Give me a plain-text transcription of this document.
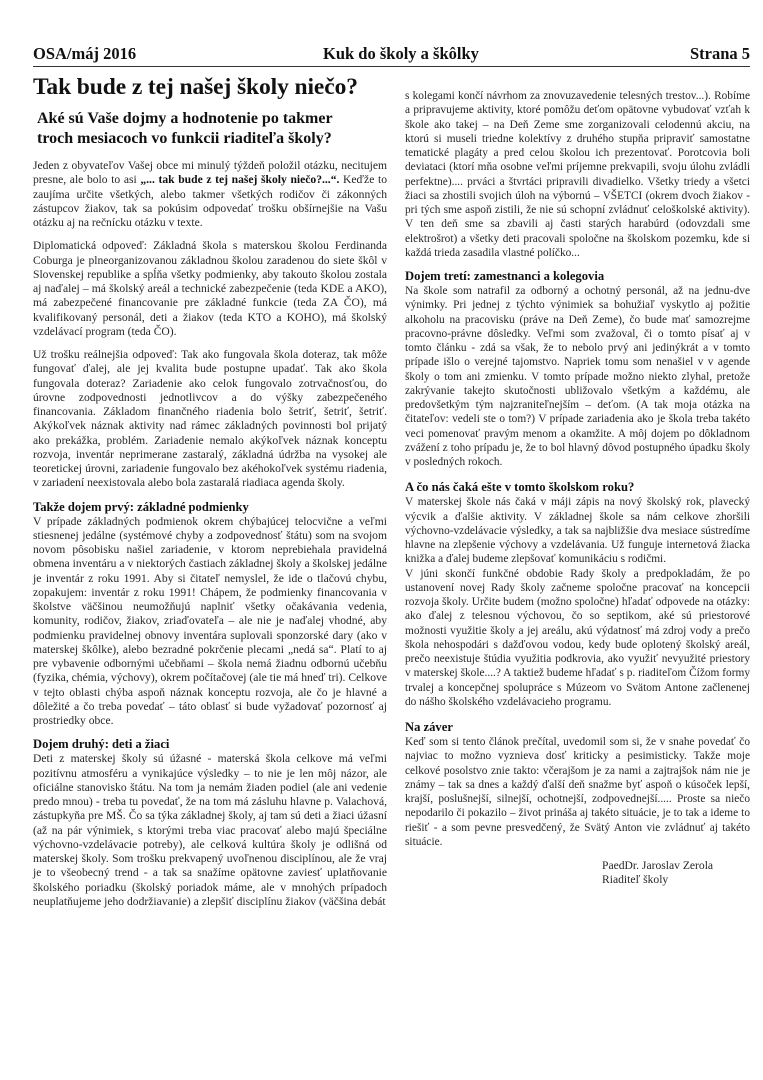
OSA/máj 2016	Kuk do školy a škôlky	Strana 5
Tak bude z tej našej školy niečo?
Aké sú Vaše dojmy a hodnotenie po takmer
troch mesiacoch vo funkcii riaditeľa školy?

Jeden z obyvateľov Vašej obce mi minulý týždeň položil otázku, necitujem presne, ale bolo to asi „... tak bude z tej našej školy niečo?...“. Keďže to zaujíma určite všetkých, alebo takmer všetkých rodičov či zákonných zástupcov žiakov, tak sa pokúsim odpovedať trošku obšírnejšie na Vašu otázku aj na rečnícku otázku v texte.

Diplomatická odpoveď: Základná škola s materskou školou Ferdinanda Coburga je plneorganizovanou základnou školou zaradenou do siete škôl v Slovenskej republike a spĺňa všetky podmienky, aby takouto školou zostala aj naďalej – má školský areál a technické zabezpečenie (teda KDE a AKO), má zabezpečené financovanie pre základné funkcie (teda ZA ČO), má kvalifikovaný personál, deti a žiakov (teda KTO a KOHO), má školský vzdelávací program (teda ČO).

Už trošku reálnejšia odpoveď: Tak ako fungovala škola doteraz, tak môže fungovať ďalej, ale jej kvalita bude postupne upadať. Tak ako škola fungovala doteraz? Zariadenie ako celok fungovalo zotrvačnosťou, do úrovne zodpovednosti jednotlivcov a do výšky zabezpečeného financovania. Základom finančného riadenia bolo šetriť, šetriť, šetriť. Akýkoľvek náznak aktivity nad rámec základných povinnosti bol prijatý ako prekážka, problém. Zariadenie nemalo akýkoľvek náznak konceptu rozvoja, inventár neprimerane zastaralý, základná údržba na vysokej ale teoretickej úrovni, zariadenie fungovalo bez akéhokoľvek systému riadenia, v zariadení neexistovala alebo bola zastaralá riadiaca agenda školy.

Takže dojem prvý: základné podmienky

V prípade základných podmienok okrem chýbajúcej telocvične a veľmi stiesnenej jedálne (systémové chyby a zodpovednosť štátu) som na svojom novom pôsobisku našiel zariadenie, v ktorom neprebiehala pravidelná obmena inventáru a v niektorých častiach základnej školy a školskej jedálne je inventár z roku 1991. Aby si čitateľ nemyslel, že ide o tlačovú chybu, zopakujem: inventár z roku 1991! Chápem, že podmienky financovania v školstve väčšinou neumožňujú naplniť všetky očakávania vedenia, komunity, rodičov, žiakov, zriaďovateľa – ale nie je naďalej vhodné, aby podmienku pravidelnej obnovy inventára suplovali sponzorské dary (ako v materskej škôlke), alebo bezradné pokrčenie plecami „nedá sa“. Platí to aj pre vybavenie odbornými učebňami – škola nemá žiadnu odbornú učebňu (fyzika, chémia, výchovy), okrem počítačovej (ale tie má hneď tri). Celkove v tejto oblasti chýba aspoň náznak konceptu rozvoja, ale čo je hlavné a dôležité a čo treba povedať – táto oblasť si bude vyžadovať pozornosť aj prostriedky obce.

Dojem druhý: deti a žiaci

Deti z materskej školy sú úžasné - materská škola celkove má veľmi pozitívnu atmosféru a vynikajúce výsledky – to nie je len môj názor, ale oficiálne stanovisko štátu. Na tom ja nemám žiaden podiel (ale ani vedenie predo mnou) - treba tu povedať, že na tom má zásluhu hlavne p. Valachová, zástupkyňa pre MŠ. Čo sa týka základnej školy, aj tam sú deti a žiaci úžasní (až na pár výnimiek, s ktorými treba viac pracovať alebo majú špeciálne výchovno-vzdelávacie potreby), ale celková kultúra školy je odlišná od materskej školy. Som trošku prekvapený uvoľnenou disciplínou, ale že vraj je to všeobecný trend - a tak sa snažíme opätovne zaviesť uplatňovanie školského poriadku (školský poriadok máme, ale v mnohých prípadoch neuplatňujeme jeho dodržiavanie) a zlepšiť disciplínu žiakov (väčšina debát

s kolegami končí návrhom za znovuzavedenie telesných trestov...). Robíme a pripravujeme aktivity, ktoré pomôžu deťom opätovne vybudovať vzťah k škole ako takej – na Deň Zeme sme zorganizovali celodennú akciu, na ktorú si museli triedne kolektívy z druhého stupňa pripraviť samostatne tematické plagáty a pred celou školou ich prezentovať. Porotcovia boli deviataci (ktorí mňa osobne veľmi príjemne prekvapili, svoju úlohu zvládli perfektne).... prváci a štvrtáci pripravili divadielko. Všetky triedy a všetci žiaci sa zhostili svojich úloh na výbornú – VŠETCI (okrem dvoch žiakov - pri tých sme aspoň zistili, že nie sú schopní zvládnuť celoškolské aktivity). V ten deň sme sa zbavili aj časti starých harabúrd (odovzdali sme elektrošrot) a všetky deti pracovali spoločne na školskom pozemku, kde si každá trieda zasadila vlastné políčko...

Dojem tretí: zamestnanci a kolegovia

Na škole som natrafil za odborný a ochotný personál, až na jednu-dve výnimky. Pri jednej z týchto výnimiek sa bohužiaľ vyskytlo aj požitie alkoholu na pracovisku (práve na Deň Zeme), čo bude mať samozrejme pracovno-právne dôsledky. Veľmi som zvažoval, či o tomto písať aj v tomto článku - zdá sa však, že to nebolo prvý ani jedinýkrát a v tomto prípade išlo o verejné tajomstvo. Napriek tomu som nenašiel v v agende školy o tom ani zmienku. V tomto prípade možno niekto zlyhal, pretože zakrývanie takejto skutočnosti ubližovalo všetkým a každému, ale predovšetkým tým najzraniteľnejším – deťom. (A tak moja otázka na čitateľov: vedeli ste o tom?) V prípade zariadenia ako je škola treba takéto veci pomenovať pravým menom a okamžite. A môj dojem po dôkladnom zvážení z toho prípadu je, že to bol hlavný dôvod postupného úpadku školy v posledných rokoch.

A čo nás čaká ešte v tomto školskom roku?

V materskej škole nás čaká v máji zápis na nový školský rok, plavecký výcvik a ďalšie aktivity. V základnej škole sa nám celkove zhoršili výchovno-vzdelávacie výsledky, a tak sa najbližšie dva mesiace sústredíme hlavne na zlepšenie výchovy a vzdelávania. Už funguje internetová žiacka knižka a ďalej budeme zlepšovať komunikáciu s rodičmi.

V júni skončí funkčné obdobie Rady školy a predpokladám, že po ustanovení novej Rady školy začneme spoločne pracovať na koncepcii rozvoja školy. Určite budem (možno spoločne) hľadať odpovede na otázky: ako ďalej z telesnou výchovou, čo so septikom, aké sú priestorové možnosti využitie školy a jej areálu, akú výdatnosť má zdroj vody a prečo škola nehospodári s dažďovou vodou, kedy bude oplotený školský areál, prečo neexistuje štúdia využitia podkrovia, ako využiť nevyužité priestory v materskej škole....? A taktiež budeme hľadať s p. riaditeľom Čížom formy trvalej a koncepčnej spolupráce s Múzeom vo Svätom Antone začlenenej do nášho školského vzdelávacieho programu.

Na záver

Keď som si tento článok prečítal, uvedomil som si, že v snahe povedať čo najviac to možno vyznieva dosť kriticky a pesimisticky. Takže moje celkové posolstvo znie takto: včerajšom je za nami a zajtrajšok nám nie je známy – tak sa dnes a každý ďalší deň snažme byť aspoň o kúsoček lepší, krajší, poslušnejší, silnejší, ochotnejší, zodpovednejší..... Proste sa niečo nepodarilo či pokazilo – život prináša aj takéto situácie, je to tak a ideme to riešiť - a som pevne presvedčený, že Svätý Anton vie zvládnuť aj takéto situácie.

PaedDr. Jaroslav Zerola
Riaditeľ školy
